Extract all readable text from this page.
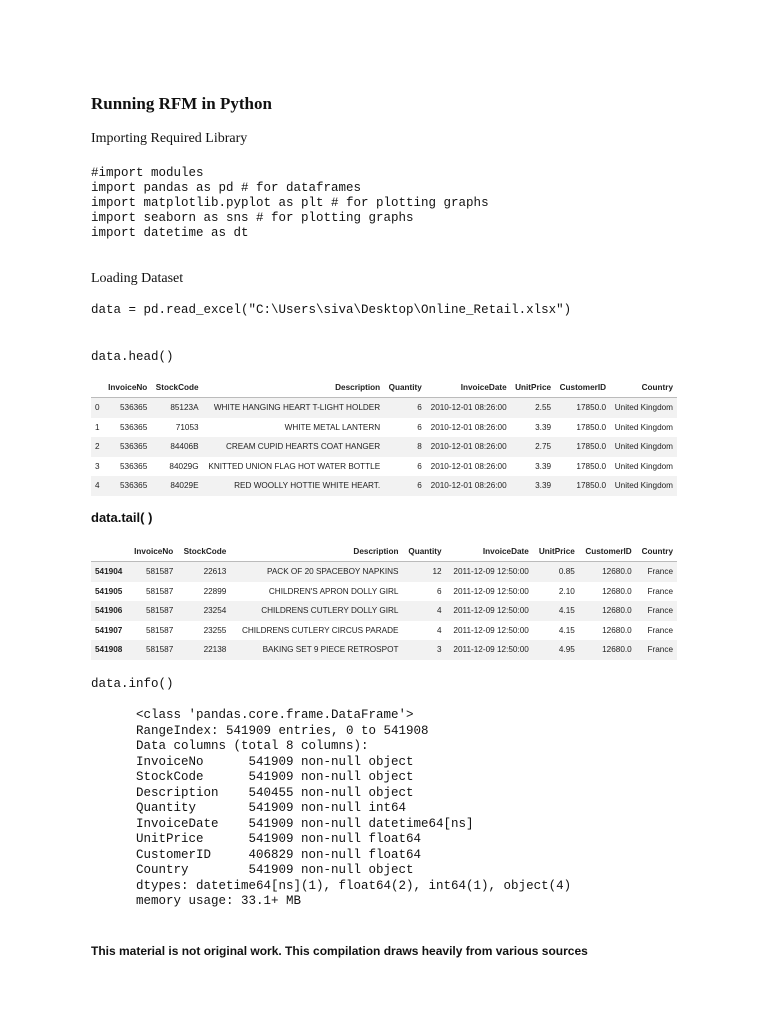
Running RFM in Python
Importing Required Library
#import modules
import pandas as pd # for dataframes
import matplotlib.pyplot as plt # for plotting graphs
import seaborn as sns # for plotting graphs
import datetime as dt
Loading Dataset
data = pd.read_excel("C:\Users\siva\Desktop\Online_Retail.xlsx")
data.head()
	InvoiceNo	StockCode	Description	Quantity	InvoiceDate	UnitPrice	CustomerID	Country
0	536365	85123A	WHITE HANGING HEART T-LIGHT HOLDER	6	2010-12-01 08:26:00	2.55	17850.0	United Kingdom
1	536365	71053	WHITE METAL LANTERN	6	2010-12-01 08:26:00	3.39	17850.0	United Kingdom
2	536365	84406B	CREAM CUPID HEARTS COAT HANGER	8	2010-12-01 08:26:00	2.75	17850.0	United Kingdom
3	536365	84029G	KNITTED UNION FLAG HOT WATER BOTTLE	6	2010-12-01 08:26:00	3.39	17850.0	United Kingdom
4	536365	84029E	RED WOOLLY HOTTIE WHITE HEART.	6	2010-12-01 08:26:00	3.39	17850.0	United Kingdom
data.tail( )
	InvoiceNo	StockCode	Description	Quantity	InvoiceDate	UnitPrice	CustomerID	Country
541904	581587	22613	PACK OF 20 SPACEBOY NAPKINS	12	2011-12-09 12:50:00	0.85	12680.0	France
541905	581587	22899	CHILDREN'S APRON DOLLY GIRL	6	2011-12-09 12:50:00	2.10	12680.0	France
541906	581587	23254	CHILDRENS CUTLERY DOLLY GIRL	4	2011-12-09 12:50:00	4.15	12680.0	France
541907	581587	23255	CHILDRENS CUTLERY CIRCUS PARADE	4	2011-12-09 12:50:00	4.15	12680.0	France
541908	581587	22138	BAKING SET 9 PIECE RETROSPOT	3	2011-12-09 12:50:00	4.95	12680.0	France
data.info()
<class 'pandas.core.frame.DataFrame'>
RangeIndex: 541909 entries, 0 to 541908
Data columns (total 8 columns):
InvoiceNo      541909 non-null object
StockCode      541909 non-null object
Description    540455 non-null object
Quantity       541909 non-null int64
InvoiceDate    541909 non-null datetime64[ns]
UnitPrice      541909 non-null float64
CustomerID     406829 non-null float64
Country        541909 non-null object
dtypes: datetime64[ns](1), float64(2), int64(1), object(4)
memory usage: 33.1+ MB
This material is not original work. This compilation draws heavily from various sources
